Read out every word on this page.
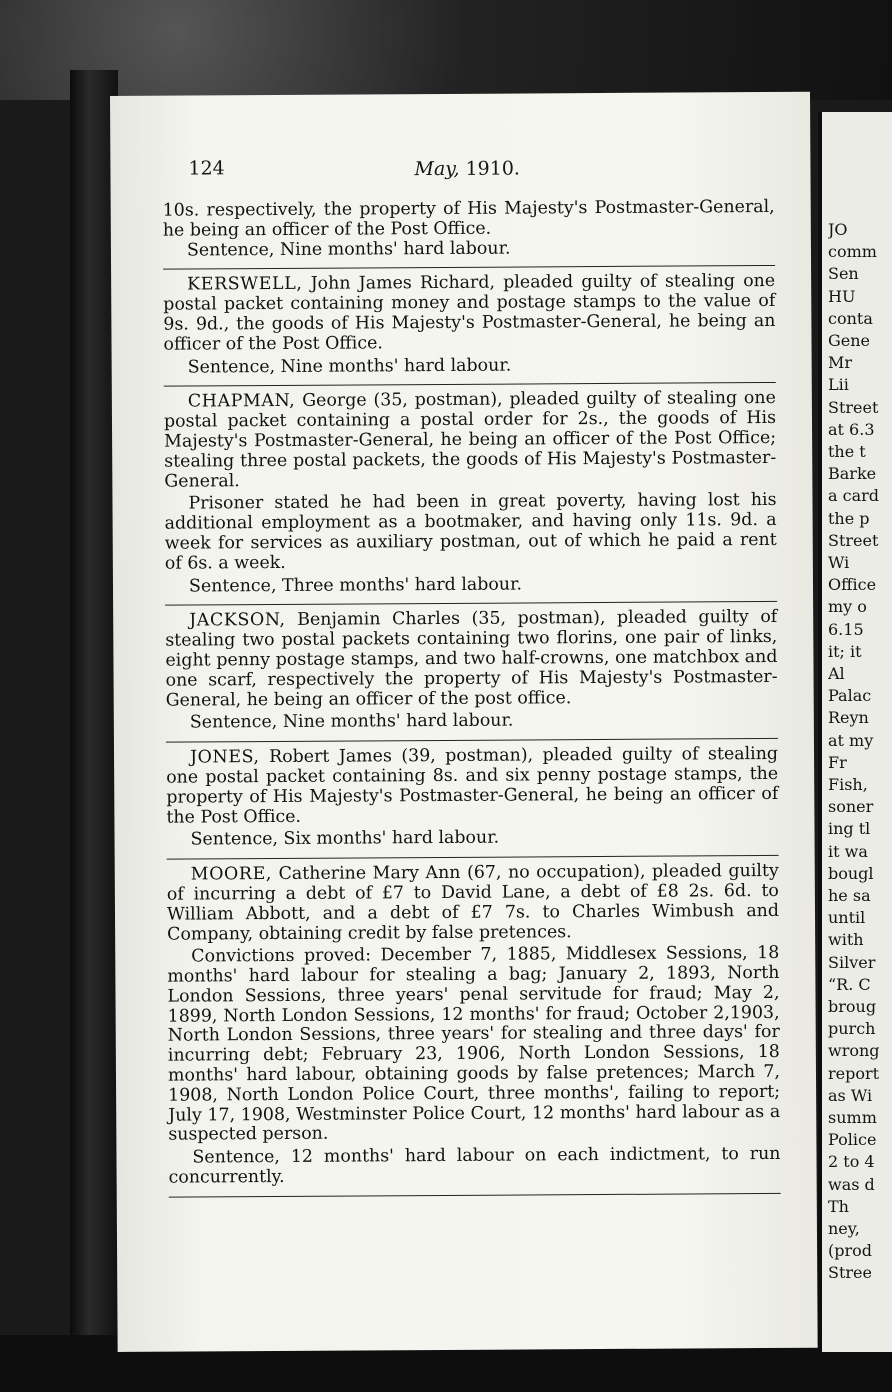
JO
comm
Sen
HU
conta
Gene
Mr
Lii
Street
at 6.3
the t
Barke
a card
the p
Street
Wi
Office
my o
6.15
it; it
Al
Palac
Reyn
at my
Fr
Fish,
soner
ing tl
it wa
bougl
he sa
until
with
Silver
“R. C
broug
purch
wrong
report
as Wi
summ
Police
2 to 4
was d
Th
ney,
(prod
Stree
124	May, 1910.

10s. respectively, the property of His Majesty's Postmaster-General, he being an officer of the Post Office.

Sentence, Nine months' hard labour.

KERSWELL, John James Richard, pleaded guilty of stealing one postal packet containing money and postage stamps to the value of 9s. 9d., the goods of His Majesty's Postmaster-General, he being an officer of the Post Office.

Sentence, Nine months' hard labour.

CHAPMAN, George (35, postman), pleaded guilty of stealing one postal packet containing a postal order for 2s., the goods of His Majesty's Postmaster-General, he being an officer of the Post Office; stealing three postal packets, the goods of His Majesty's Postmaster-General.

Prisoner stated he had been in great poverty, having lost his additional employment as a bootmaker, and having only 11s. 9d. a week for services as auxiliary postman, out of which he paid a rent of 6s. a week.

Sentence, Three months' hard labour.

JACKSON, Benjamin Charles (35, postman), pleaded guilty of stealing two postal packets containing two florins, one pair of links, eight penny postage stamps, and two half-crowns, one matchbox and one scarf, respectively the property of His Majesty's Postmaster-General, he being an officer of the post office.

Sentence, Nine months' hard labour.

JONES, Robert James (39, postman), pleaded guilty of stealing one postal packet containing 8s. and six penny postage stamps, the property of His Majesty's Postmaster-General, he being an officer of the Post Office.

Sentence, Six months' hard labour.

MOORE, Catherine Mary Ann (67, no occupation), pleaded guilty of incurring a debt of £7 to David Lane, a debt of £8 2s. 6d. to William Abbott, and a debt of £7 7s. to Charles Wimbush and Company, obtaining credit by false pretences.

Convictions proved: December 7, 1885, Middlesex Sessions, 18 months' hard labour for stealing a bag; January 2, 1893, North London Sessions, three years' penal servitude for fraud; May 2, 1899, North London Sessions, 12 months' for fraud; October 2,1903, North London Sessions, three years' for stealing and three days' for incurring debt; February 23, 1906, North London Sessions, 18 months' hard labour, obtaining goods by false pretences; March 7, 1908, North London Police Court, three months', failing to report; July 17, 1908, Westminster Police Court, 12 months' hard labour as a suspected person.

Sentence, 12 months' hard labour on each indictment, to run concurrently.
